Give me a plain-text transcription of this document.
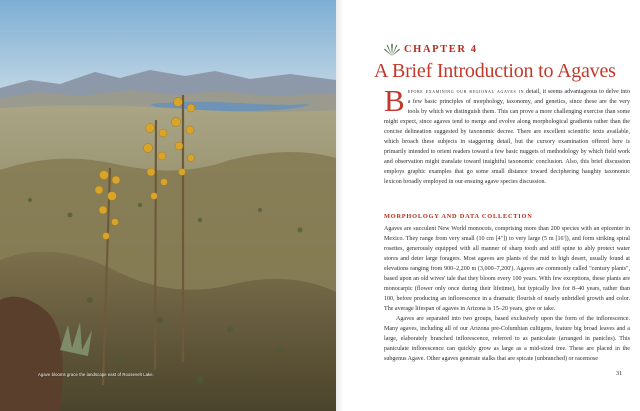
Agave blooms grace the landscape east of Roosevelt Lake.
CHAPTER 4
A Brief Introduction to Agaves
Before examining our regional agaves in detail, it seems advantageous to delve into a few basic principles of morphology, taxonomy, and genetics, since these are the very tools by which we distinguish them. This can prove a more challenging exercise than some might expect, since agaves tend to merge and evolve along morphological gradients rather than the concise delineation suggested by taxonomic decree. There are excellent scientific texts available, which broach these subjects in staggering detail, but the cursory examination offered here is primarily intended to orient readers toward a few basic nuggets of methodology by which field work and observation might translate toward insightful taxonomic conclusion. Also, this brief discussion employs graphic examples that go some small distance toward deciphering haughty taxonomic lexicon broadly employed in our ensuing agave species discussion.
MORPHOLOGY AND DATA COLLECTION

Agaves are succulent New World monocots, comprising more than 200 species with an epicenter in Mexico. They range from very small (10 cm [4"]) to very large (5 m [16']), and form striking spiral rosettes, generously equipped with all manner of sharp tooth and stiff spine to ably protect water stores and deter large foragers. Most agaves are plants of the mid to high desert, usually found at elevations ranging from 900–2,200 m (3,000–7,200'). Agaves are commonly called "century plants", based upon an old wives' tale that they bloom every 100 years. With few exceptions, these plants are monocarpic (flower only once during their lifetime), but typically live for 8–40 years, rather than 100, before producing an inflorescence in a dramatic flourish of nearly unbridled growth and color. The average lifespan of agaves in Arizona is 15–20 years, give or take.

Agaves are separated into two groups, based exclusively upon the form of the inflorescence. Many agaves, including all of our Arizona pre-Columbian cultigens, feature big broad leaves and a large, elaborately branched inflorescence, referred to as paniculate (arranged in panicles). This paniculate inflorescence can quickly grow as large as a mid-sized tree. These are placed in the subgenus Agave. Other agaves generate stalks that are spicate (unbranched) or racemose

31
